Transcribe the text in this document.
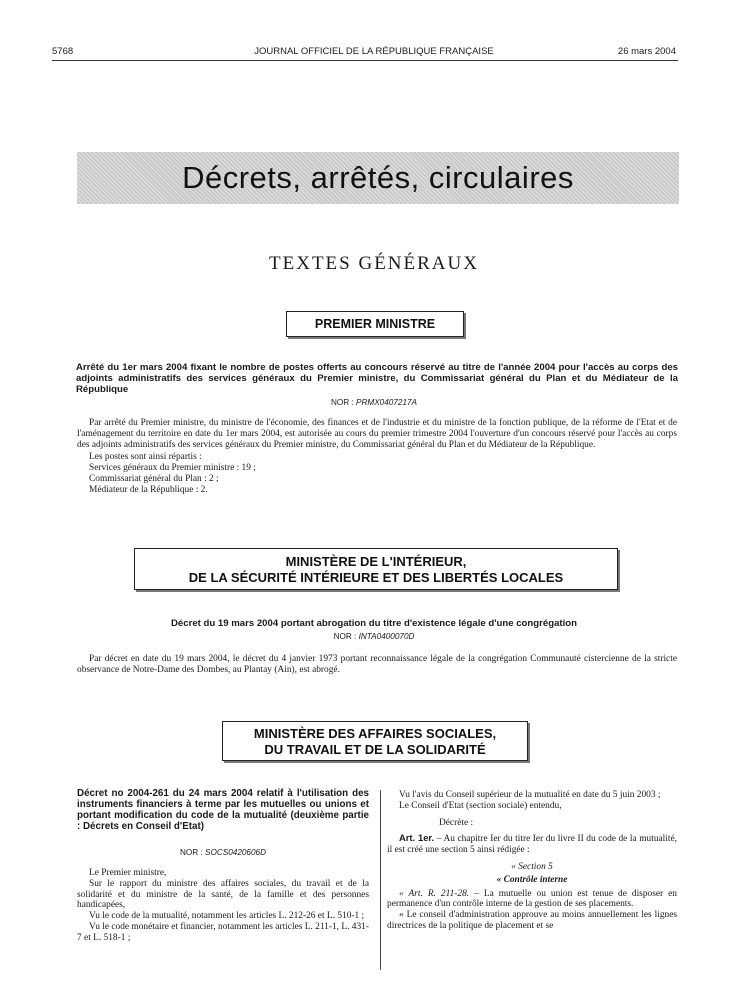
5768	JOURNAL OFFICIEL DE LA RÉPUBLIQUE FRANÇAISE	26 mars 2004
Décrets, arrêtés, circulaires
TEXTES GÉNÉRAUX
PREMIER MINISTRE
Arrêté du 1er mars 2004 fixant le nombre de postes offerts au concours réservé au titre de l'année 2004 pour l'accès au corps des adjoints administratifs des services généraux du Premier ministre, du Commissariat général du Plan et du Médiateur de la République
NOR : PRMX0407217A

Par arrêté du Premier ministre, du ministre de l'économie, des finances et de l'industrie et du ministre de la fonction publique, de la réforme de l'Etat et de l'aménagement du territoire en date du 1er mars 2004, est autorisée au cours du premier trimestre 2004 l'ouverture d'un concours réservé pour l'accès au corps des adjoints administratifs des services généraux du Premier ministre, du Commissariat général du Plan et du Médiateur de la République.

Les postes sont ainsi répartis :

Services généraux du Premier ministre : 19 ;

Commissariat général du Plan : 2 ;

Médiateur de la République : 2.

MINISTÈRE DE L'INTÉRIEUR,
DE LA SÉCURITÉ INTÉRIEURE ET DES LIBERTÉS LOCALES
Décret du 19 mars 2004 portant abrogation du titre d'existence légale d'une congrégation
NOR : INTA0400070D

Par décret en date du 19 mars 2004, le décret du 4 janvier 1973 portant reconnaissance légale de la congrégation Communauté cistercienne de la stricte observance de Notre-Dame des Dombes, au Plantay (Ain), est abrogé.

MINISTÈRE DES AFFAIRES SOCIALES,
DU TRAVAIL ET DE LA SOLIDARITÉ
Décret no 2004-261 du 24 mars 2004 relatif à l'utilisation des instruments financiers à terme par les mutuelles ou unions et portant modification du code de la mutualité (deuxième partie : Décrets en Conseil d'Etat)
NOR : SOCS0420606D

Le Premier ministre,

Sur le rapport du ministre des affaires sociales, du travail et de la solidarité et du ministre de la santé, de la famille et des personnes handicapées,

Vu le code de la mutualité, notamment les articles L. 212-26 et L. 510-1 ;

Vu le code monétaire et financier, notamment les articles L. 211-1, L. 431-7 et L. 518-1 ;

Vu l'avis du Conseil supérieur de la mutualité en date du 5 juin 2003 ;

Le Conseil d'Etat (section sociale) entendu,

Décrète :

Art. 1er. – Au chapitre Ier du titre Ier du livre II du code de la mutualité, il est créé une section 5 ainsi rédigée :

« Section 5
« Contrôle interne

« Art. R. 211-28. – La mutuelle ou union est tenue de disposer en permanence d'un contrôle interne de la gestion de ses placements.

« Le conseil d'administration approuve au moins annuellement les lignes directrices de la politique de placement et se
